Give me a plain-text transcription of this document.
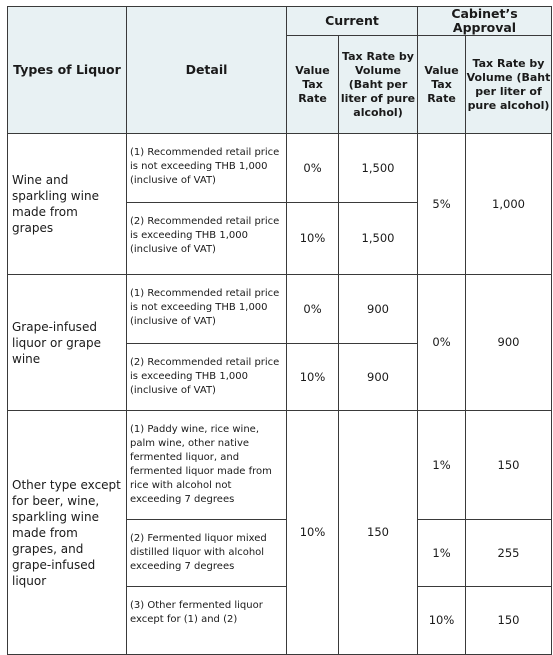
Types of Liquor	Detail	Current		Cabinet’s Approval	
		Value Tax Rate	Tax Rate by Volume (Baht per liter of pure alcohol)	Value Tax Rate	Tax Rate by Volume (Baht per liter of pure alcohol)
Wine and sparkling wine made from grapes	(1) Recommended retail price is not exceeding THB 1,000 (inclusive of VAT)	0%	1,500	5%	1,000
	(2) Recommended retail price is exceeding THB 1,000 (inclusive of VAT)	10%	1,500		
Grape-infused liquor or grape wine	(1) Recommended retail price is not exceeding THB 1,000 (inclusive of VAT)	0%	900	0%	900
	(2) Recommended retail price is exceeding THB 1,000 (inclusive of VAT)	10%	900		
Other type except for beer, wine, sparkling wine made from grapes, and grape-infused liquor	(1) Paddy wine, rice wine, palm wine, other native fermented liquor, and fermented liquor made from rice with alcohol not exceeding 7 degrees	10%	150	1%	150
	(2) Fermented liquor mixed distilled liquor with alcohol exceeding 7 degrees			1%	255
	(3) Other fermented liquor except for (1) and (2)			10%	150
